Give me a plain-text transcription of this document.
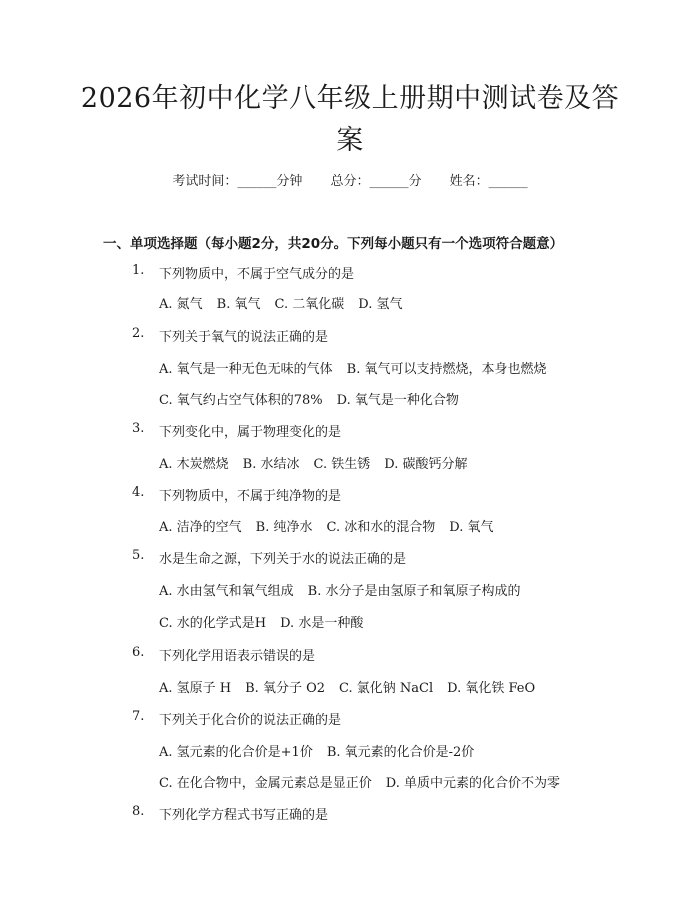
2026年初中化学八年级上册期中测试卷及答案
考试时间：______分钟 总分：______分 姓名：______
一、单项选择题（每小题2分，共20分。下列每小题只有一个选项符合题意）
1. 下列物质中，不属于空气成分的是
A. 氮气 B. 氧气 C. 二氧化碳 D. 氢气
2. 下列关于氧气的说法正确的是
A. 氧气是一种无色无味的气体 B. 氧气可以支持燃烧，本身也燃烧
C. 氧气约占空气体积的78% D. 氧气是一种化合物
3. 下列变化中，属于物理变化的是
A. 木炭燃烧 B. 水结冰 C. 铁生锈 D. 碳酸钙分解
4. 下列物质中，不属于纯净物的是
A. 洁净的空气 B. 纯净水 C. 冰和水的混合物 D. 氧气
5. 水是生命之源，下列关于水的说法正确的是
A. 水由氢气和氧气组成 B. 水分子是由氢原子和氧原子构成的
C. 水的化学式是H D. 水是一种酸
6. 下列化学用语表示错误的是
A. 氢原子 H B. 氧分子 O2 C. 氯化钠 NaCl D. 氧化铁 FeO
7. 下列关于化合价的说法正确的是
A. 氢元素的化合价是+1价 B. 氧元素的化合价是-2价
C. 在化合物中，金属元素总是显正价 D. 单质中元素的化合价不为零
8. 下列化学方程式书写正确的是
